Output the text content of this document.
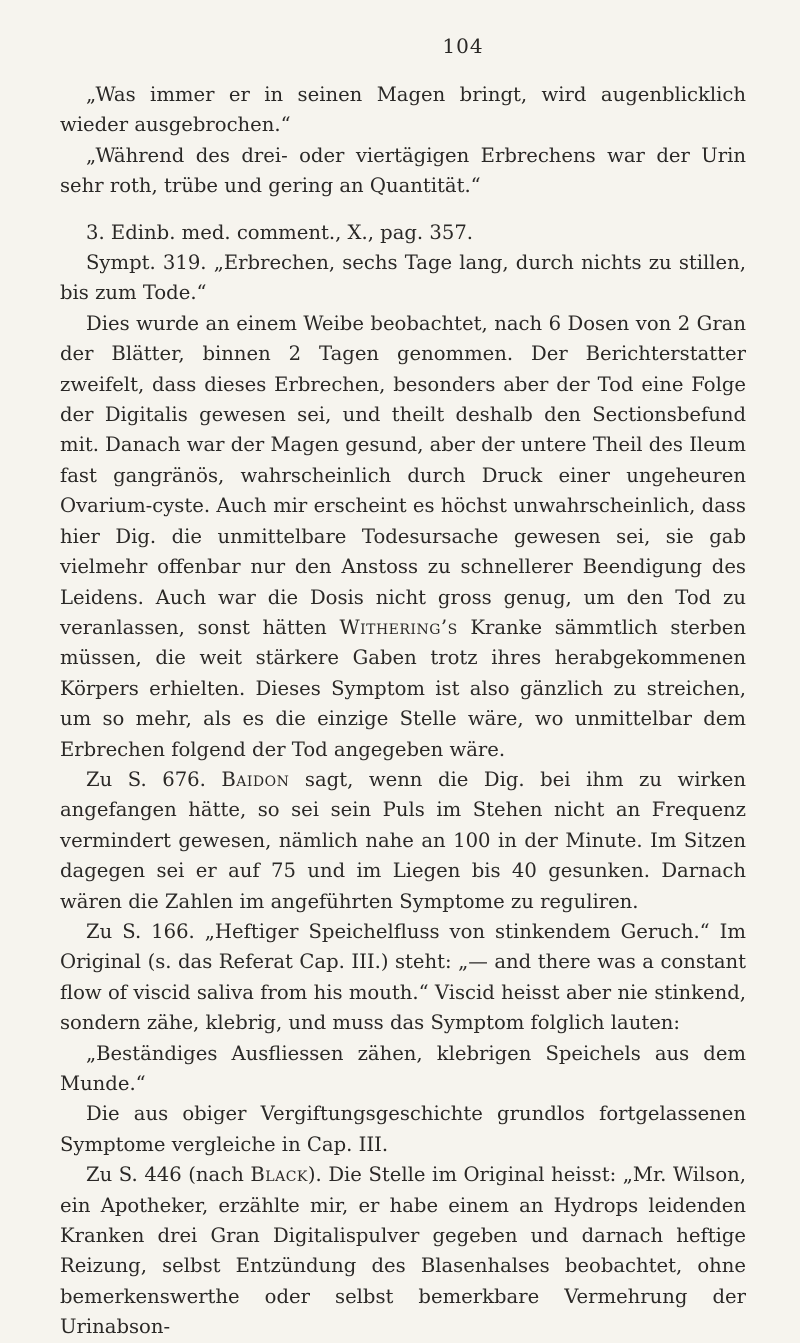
104

„Was immer er in seinen Magen bringt, wird augenblicklich wieder ausgebrochen.“

„Während des drei- oder viertägigen Erbrechens war der Urin sehr roth, trübe und gering an Quantität.“

3. Edinb. med. comment., X., pag. 357.

Sympt. 319. „Erbrechen, sechs Tage lang, durch nichts zu stillen, bis zum Tode.“

Dies wurde an einem Weibe beobachtet, nach 6 Dosen von 2 Gran der Blätter, binnen 2 Tagen genommen. Der Berichterstatter zweifelt, dass dieses Erbrechen, besonders aber der Tod eine Folge der Digitalis gewesen sei, und theilt deshalb den Sectionsbefund mit. Danach war der Magen gesund, aber der untere Theil des Ileum fast gangränös, wahrscheinlich durch Druck einer ungeheuren Ovarium-cyste. Auch mir erscheint es höchst unwahrscheinlich, dass hier Dig. die unmittelbare Todesursache gewesen sei, sie gab vielmehr offenbar nur den Anstoss zu schnellerer Beendigung des Leidens. Auch war die Dosis nicht gross genug, um den Tod zu veranlassen, sonst hätten Withering’s Kranke sämmtlich sterben müssen, die weit stärkere Gaben trotz ihres herabgekommenen Körpers erhielten. Dieses Symptom ist also gänzlich zu streichen, um so mehr, als es die einzige Stelle wäre, wo unmittelbar dem Erbrechen folgend der Tod angegeben wäre.

Zu S. 676. Baidon sagt, wenn die Dig. bei ihm zu wirken angefangen hätte, so sei sein Puls im Stehen nicht an Frequenz vermindert gewesen, nämlich nahe an 100 in der Minute. Im Sitzen dagegen sei er auf 75 und im Liegen bis 40 gesunken. Darnach wären die Zahlen im angeführten Symptome zu reguliren.

Zu S. 166. „Heftiger Speichelfluss von stinkendem Geruch.“ Im Original (s. das Referat Cap. III.) steht: „— and there was a constant flow of viscid saliva from his mouth.“ Viscid heisst aber nie stinkend, sondern zähe, klebrig, und muss das Symptom folglich lauten:

„Beständiges Ausfliessen zähen, klebrigen Speichels aus dem Munde.“

Die aus obiger Vergiftungsgeschichte grundlos fortgelassenen Symptome vergleiche in Cap. III.

Zu S. 446 (nach Black). Die Stelle im Original heisst: „Mr. Wilson, ein Apotheker, erzählte mir, er habe einem an Hydrops leidenden Kranken drei Gran Digitalispulver gegeben und darnach heftige Reizung, selbst Entzündung des Blasenhalses beobachtet, ohne bemerkenswerthe oder selbst bemerkbare Vermehrung der Urinabson-
